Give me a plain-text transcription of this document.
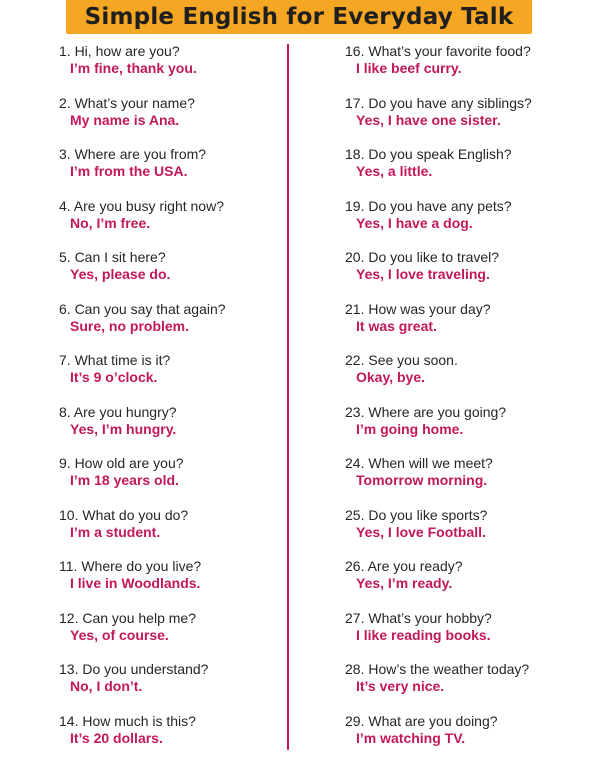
Simple English for Everyday Talk
1. Hi, how are you?
I’m fine, thank you.
2. What’s your name?
My name is Ana.
3. Where are you from?
I’m from the USA.
4. Are you busy right now?
No, I’m free.
5. Can I sit here?
Yes, please do.
6. Can you say that again?
Sure, no problem.
7. What time is it?
It’s 9 o’clock.
8. Are you hungry?
Yes, I’m hungry.
9. How old are you?
I’m 18 years old.
10. What do you do?
I’m a student.
11. Where do you live?
I live in Woodlands.
12. Can you help me?
Yes, of course.
13. Do you understand?
No, I don’t.
14. How much is this?
It’s 20 dollars.
16. What’s your favorite food?
I like beef curry.
17. Do you have any siblings?
Yes, I have one sister.
18. Do you speak English?
Yes, a little.
19. Do you have any pets?
Yes, I have a dog.
20. Do you like to travel?
Yes, I love traveling.
21. How was your day?
It was great.
22. See you soon.
Okay, bye.
23. Where are you going?
I’m going home.
24. When will we meet?
Tomorrow morning.
25. Do you like sports?
Yes, I love Football.
26. Are you ready?
Yes, I’m ready.
27. What’s your hobby?
I like reading books.
28. How’s the weather today?
It’s very nice.
29. What are you doing?
I’m watching TV.
